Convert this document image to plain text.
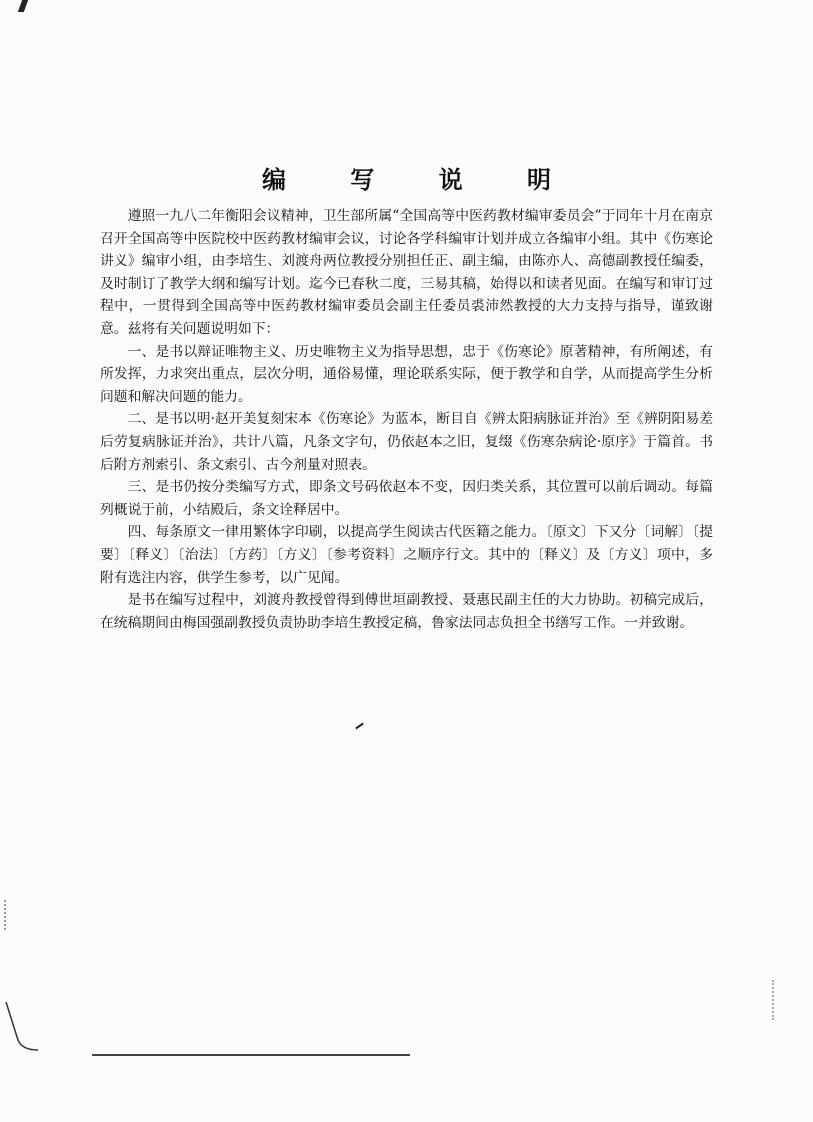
编 写 说 明

遵照一九八二年衡阳会议精神，卫生部所属“全国高等中医药教材编审委员会”于同年十月在南京召开全国高等中医院校中医药教材编审会议，讨论各学科编审计划并成立各编审小组。其中《伤寒论讲义》编审小组，由李培生、刘渡舟两位教授分别担任正、副主编，由陈亦人、高德副教授任编委，及时制订了教学大纲和编写计划。迄今已春秋二度，三易其稿，始得以和读者见面。在编写和审订过程中，一贯得到全国高等中医药教材编审委员会副主任委员裘沛然教授的大力支持与指导，谨致谢意。兹将有关问题说明如下：

一、是书以辩证唯物主义、历史唯物主义为指导思想，忠于《伤寒论》原著精神，有所阐述，有所发挥，力求突出重点，层次分明，通俗易懂，理论联系实际，便于教学和自学，从而提高学生分析问题和解决问题的能力。

二、是书以明·赵开美复刻宋本《伤寒论》为蓝本，断目自《辨太阳病脉证并治》至《辨阴阳易差后劳复病脉证并治》，共计八篇，凡条文字句，仍依赵本之旧，复缀《伤寒杂病论·原序》于篇首。书后附方剂索引、条文索引、古今剂量对照表。

三、是书仍按分类编写方式，即条文号码依赵本不变，因归类关系，其位置可以前后调动。每篇列概说于前，小结殿后，条文诠释居中。

四、每条原文一律用繁体字印刷，以提高学生阅读古代医籍之能力。〔原文〕下又分〔词解〕〔提要〕〔释义〕〔治法〕〔方药〕〔方义〕〔参考资料〕之顺序行文。其中的〔释义〕及〔方义〕项中，多附有选注内容，供学生参考，以广见闻。

是书在编写过程中，刘渡舟教授曾得到傅世垣副教授、聂惠民副主任的大力协助。初稿完成后，在统稿期间由梅国强副教授负责协助李培生教授定稿，鲁家法同志负担全书缮写工作。一并致谢。
